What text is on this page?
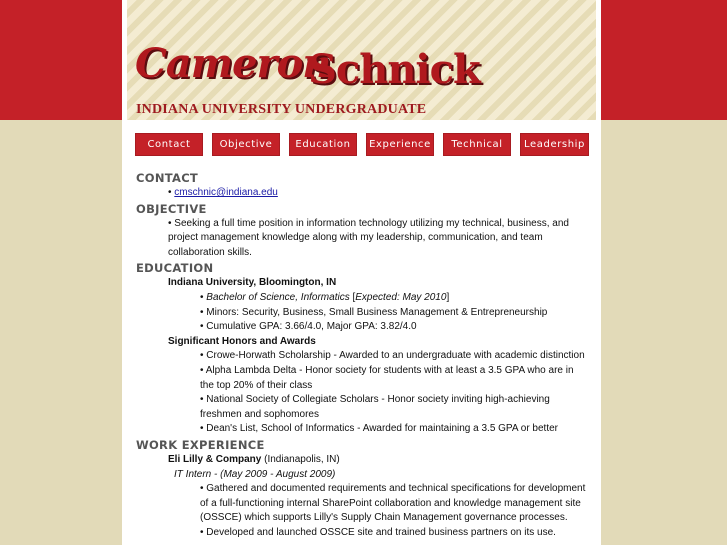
Cameron
Schnick
INDIANA UNIVERSITY UNDERGRADUATE
Contact	Objective	Education	Experience	Technical	Leadership
CONTACT
• cmschnic@indiana.edu
OBJECTIVE
• Seeking a full time position in information technology utilizing my technical, business, and project management knowledge along with my leadership, communication, and team collaboration skills.
EDUCATION
Indiana University, Bloomington, IN
• Bachelor of Science, Informatics [Expected: May 2010]
• Minors: Security, Business, Small Business Management & Entrepreneurship
• Cumulative GPA: 3.66/4.0, Major GPA: 3.82/4.0
Significant Honors and Awards
• Crowe-Horwath Scholarship - Awarded to an undergraduate with academic distinction
• Alpha Lambda Delta - Honor society for students with at least a 3.5 GPA who are in the top 20% of their class
• National Society of Collegiate Scholars - Honor society inviting high-achieving freshmen and sophomores
• Dean's List, School of Informatics - Awarded for maintaining a 3.5 GPA or better
WORK EXPERIENCE
Eli Lilly & Company (Indianapolis, IN)
IT Intern - (May 2009 - August 2009)
• Gathered and documented requirements and technical specifications for development of a full-functioning internal SharePoint collaboration and knowledge management site (OSSCE) which supports Lilly's Supply Chain Management governance processes.
• Developed and launched OSSCE site and trained business partners on its use.
